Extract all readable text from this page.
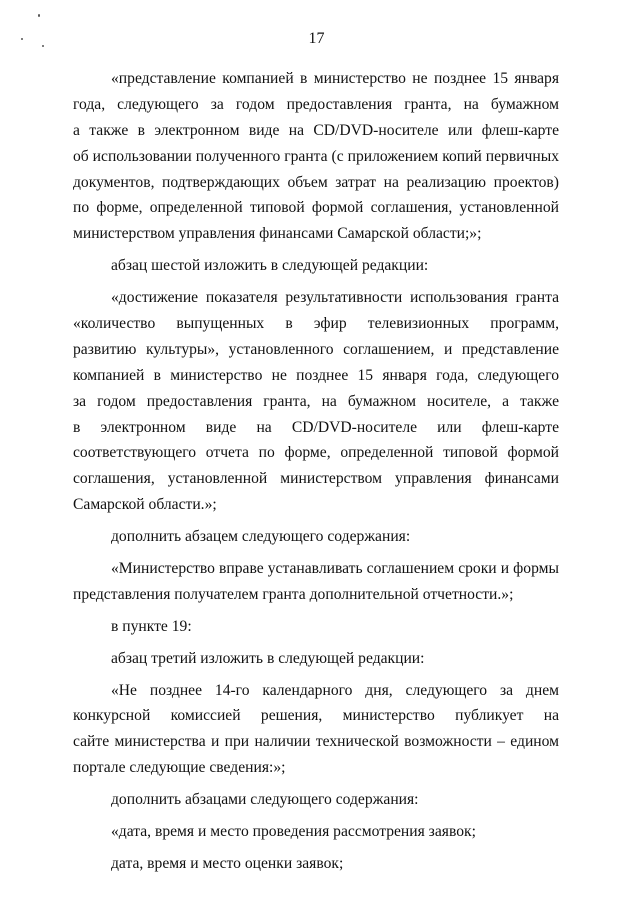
17
«представление компанией в министерство не позднее 15 января
года, следующего за годом предоставления гранта, на бумажном
а также в электронном виде на CD/DVD-носителе или флеш-карте
об использовании полученного гранта (с приложением копий первичных
документов, подтверждающих объем затрат на реализацию проектов)
по форме, определенной типовой формой соглашения, установленной
министерством управления финансами Самарской области;»;
абзац шестой изложить в следующей редакции:
«достижение показателя результативности использования гранта
«количество выпущенных в эфир телевизионных программ,
развитию культуры», установленного соглашением, и представление
компанией в министерство не позднее 15 января года, следующего
за годом предоставления гранта, на бумажном носителе, а также
в электронном виде на CD/DVD-носителе или флеш-карте
соответствующего отчета по форме, определенной типовой формой
соглашения, установленной министерством управления финансами
Самарской области.»;
дополнить абзацем следующего содержания:
«Министерство вправе устанавливать соглашением сроки и формы
представления получателем гранта дополнительной отчетности.»;
в пункте 19:
абзац третий изложить в следующей редакции:
«Не позднее 14-го календарного дня, следующего за днем
конкурсной комиссией решения, министерство публикует на
сайте министерства и при наличии технической возможности – едином
портале следующие сведения:»;
дополнить абзацами следующего содержания:
«дата, время и место проведения рассмотрения заявок;
дата, время и место оценки заявок;
